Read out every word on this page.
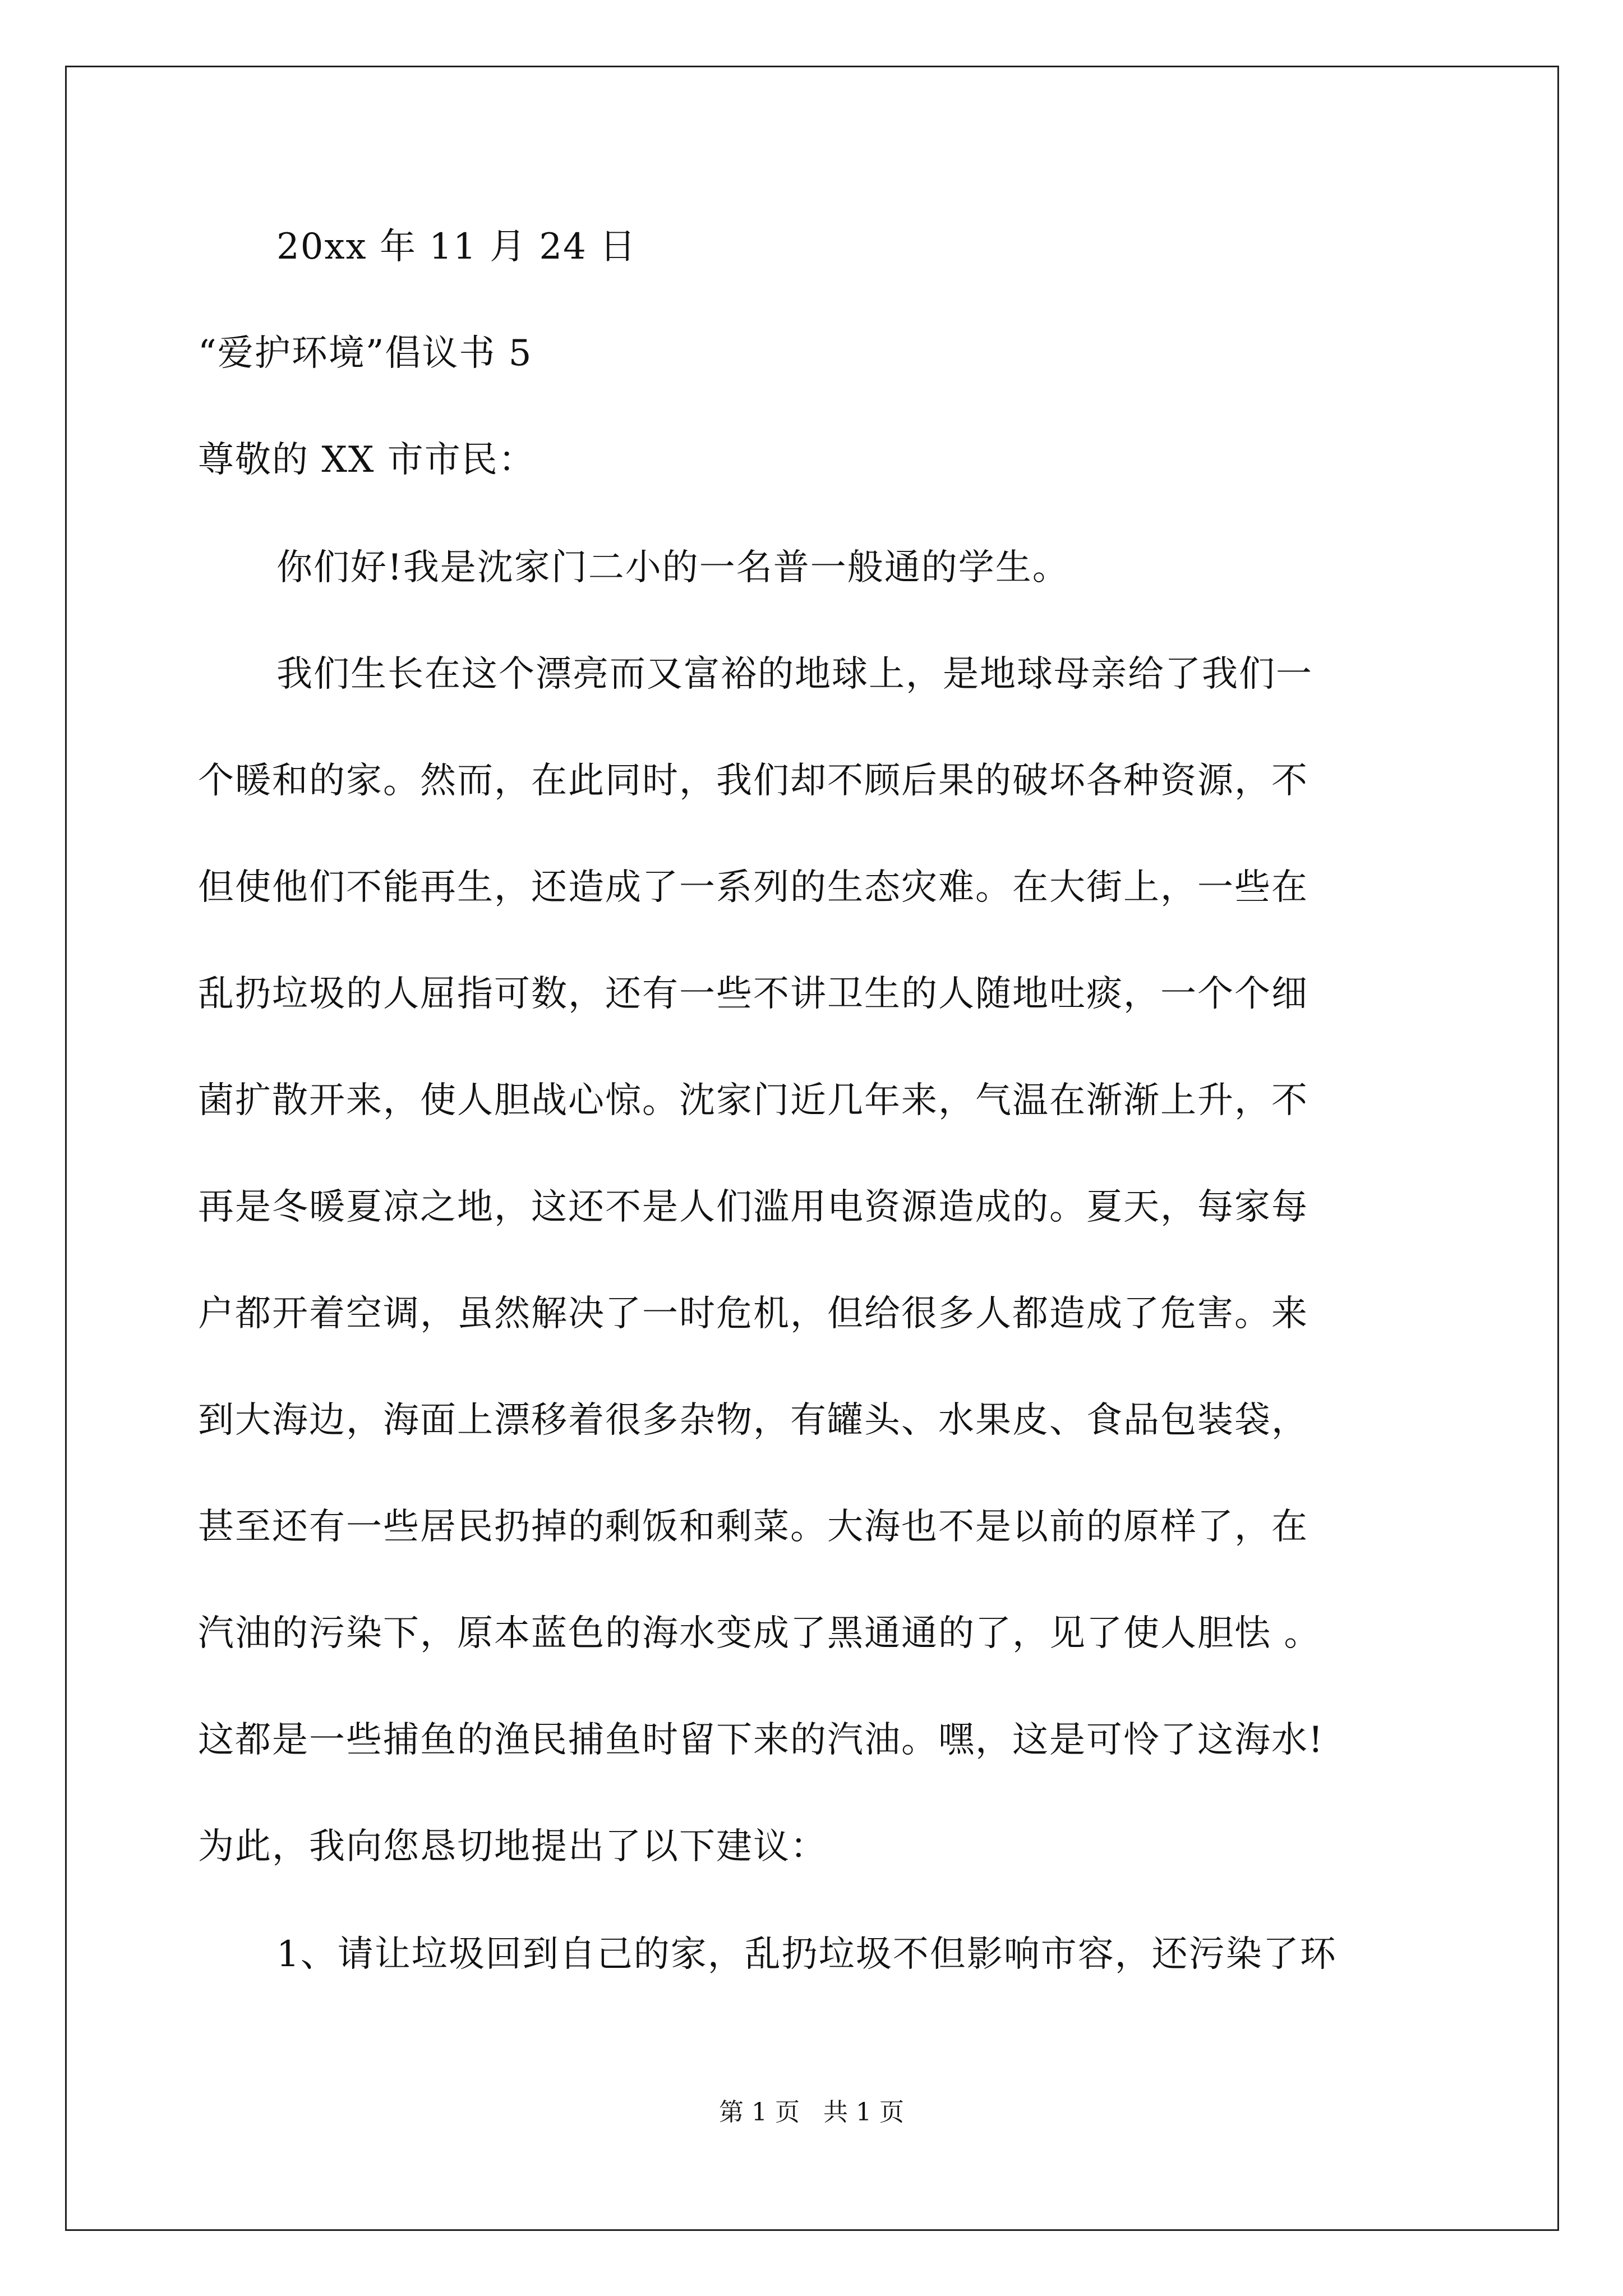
20xx 年 11 月 24 日
“爱护环境”倡议书 5
尊敬的 XX 市市民：
你们好!我是沈家门二小的一名普一般通的学生。
我们生长在这个漂亮而又富裕的地球上，是地球母亲给了我们一
个暖和的家。然而，在此同时，我们却不顾后果的破坏各种资源，不
但使他们不能再生，还造成了一系列的生态灾难。在大街上，一些在
乱扔垃圾的人屈指可数，还有一些不讲卫生的人随地吐痰，一个个细
菌扩散开来，使人胆战心惊。沈家门近几年来，气温在渐渐上升，不
再是冬暖夏凉之地，这还不是人们滥用电资源造成的。夏天，每家每
户都开着空调，虽然解决了一时危机，但给很多人都造成了危害。来
到大海边，海面上漂移着很多杂物，有罐头、水果皮、食品包装袋，
甚至还有一些居民扔掉的剩饭和剩菜。大海也不是以前的原样了，在
汽油的污染下，原本蓝色的海水变成了黑通通的了，见了使人胆怯 。
这都是一些捕鱼的渔民捕鱼时留下来的汽油。嘿，这是可怜了这海水!
为此，我向您恳切地提出了以下建议：
1、请让垃圾回到自己的家，乱扔垃圾不但影响市容，还污染了环
第 1 页   共 1 页
